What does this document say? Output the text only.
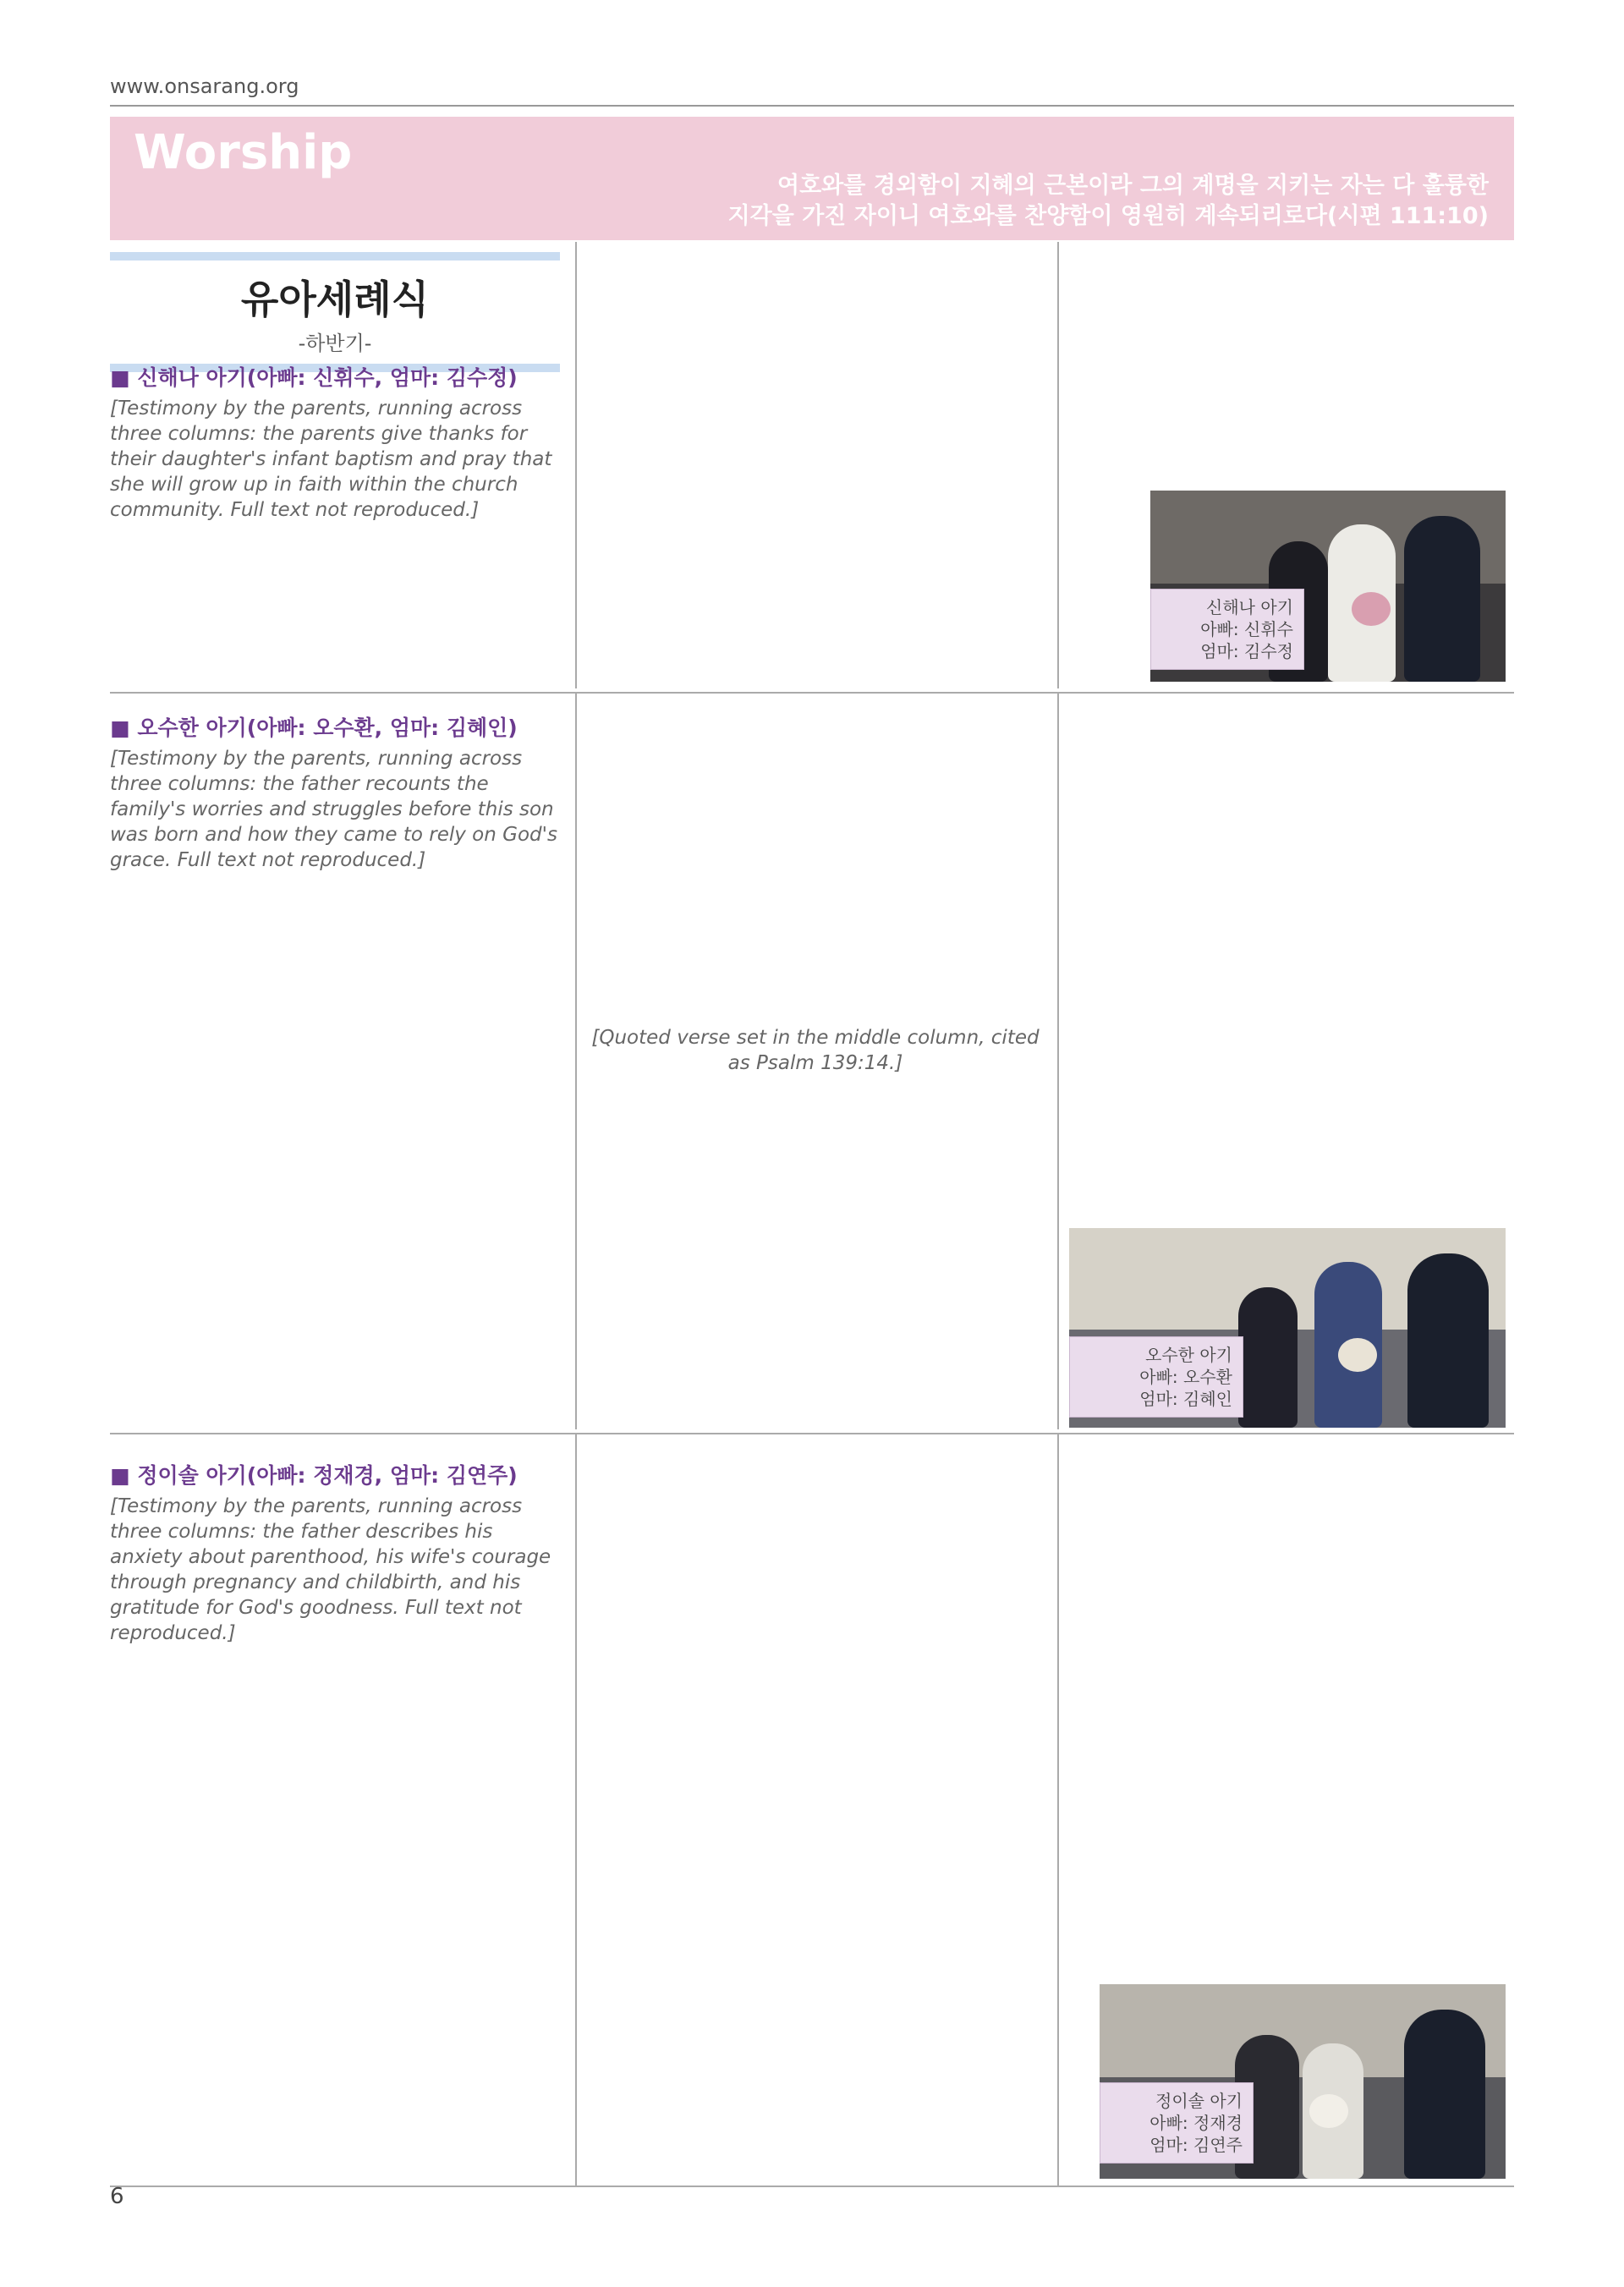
www.onsarang.org
Worship
여호와를 경외함이 지혜의 근본이라 그의 계명을 지키는 자는 다 훌륭한
지각을 가진 자이니 여호와를 찬양함이 영원히 계속되리로다(시편 111:10)
유아세례식
-하반기-
■ 신해나 아기(아빠: 신휘수, 엄마: 김수정)

[Testimony by the parents, running across three columns: the parents give thanks for their daughter's infant baptism and pray that she will grow up in faith within the church community. Full text not reproduced.]

신해나 아기
아빠: 신휘수
엄마: 김수정
■ 오수한 아기(아빠: 오수환, 엄마: 김혜인)

[Testimony by the parents, running across three columns: the father recounts the family's worries and struggles before this son was born and how they came to rely on God's grace. Full text not reproduced.]

[Quoted verse set in the middle column, cited as Psalm 139:14.]

오수한 아기
아빠: 오수환
엄마: 김혜인
■ 정이솔 아기(아빠: 정재경, 엄마: 김연주)

[Testimony by the parents, running across three columns: the father describes his anxiety about parenthood, his wife's courage through pregnancy and childbirth, and his gratitude for God's goodness. Full text not reproduced.]

정이솔 아기
아빠: 정재경
엄마: 김연주
6
